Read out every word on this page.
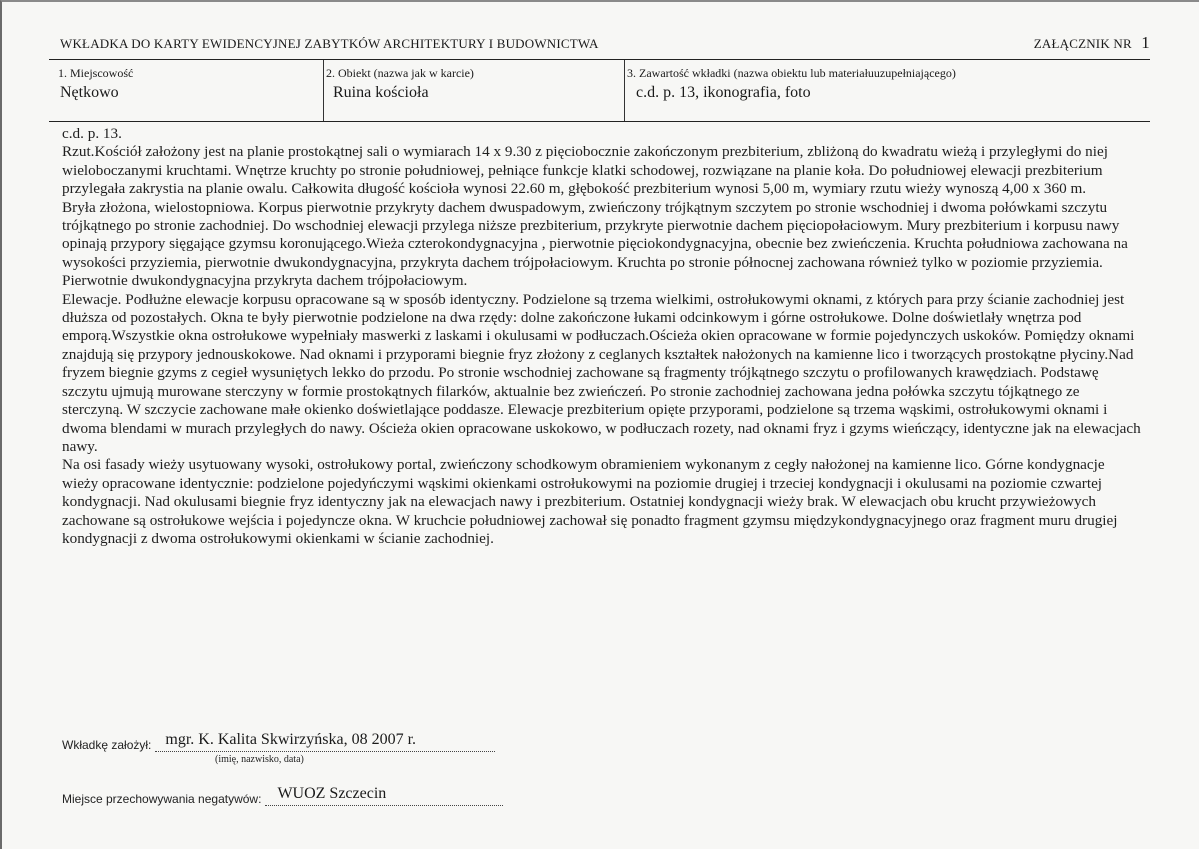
WKŁADKA DO KARTY EWIDENCYJNEJ ZABYTKÓW ARCHITEKTURY I BUDOWNICTWA	ZAŁĄCZNIK NR 1
1. Miejscowość
Nętkowo
2. Obiekt (nazwa jak w karcie)
Ruina kościoła
3. Zawartość wkładki (nazwa obiektu lub materiałuuzupełniającego)
c.d. p. 13, ikonografia, foto

c.d. p. 13.

Rzut.Kościół założony jest na planie prostokątnej sali o wymiarach 14 x 9.30 z pięciobocznie zakończonym prezbiterium, zbliżoną do kwadratu wieżą i przyległymi do niej wieloboczanymi kruchtami. Wnętrze kruchty po stronie południowej, pełniące funkcje klatki schodowej, rozwiązane na planie koła. Do południowej elewacji prezbiterium przylegała zakrystia na planie owalu. Całkowita długość kościoła wynosi 22.60 m, głębokość prezbiterium wynosi 5,00 m, wymiary rzutu wieży wynoszą 4,00 x 360 m.

Bryła złożona, wielostopniowa. Korpus pierwotnie przykryty dachem dwuspadowym, zwieńczony trójkątnym szczytem po stronie wschodniej i dwoma połówkami szczytu trójkątnego po stronie zachodniej. Do wschodniej elewacji przylega niższe prezbiterium, przykryte pierwotnie dachem pięciopołaciowym. Mury prezbiterium i korpusu nawy opinają przypory sięgające gzymsu koronującego.Wieża czterokondygnacyjna , pierwotnie pięciokondygnacyjna, obecnie bez zwieńczenia. Kruchta południowa zachowana na wysokości przyziemia, pierwotnie dwukondygnacyjna, przykryta dachem trójpołaciowym. Kruchta po stronie północnej zachowana również tylko w poziomie przyziemia. Pierwotnie dwukondygnacyjna przykryta dachem trójpołaciowym.

Elewacje. Podłużne elewacje korpusu opracowane są w sposób identyczny. Podzielone są trzema wielkimi, ostrołukowymi oknami, z których para przy ścianie zachodniej jest dłuższa od pozostałych. Okna te były pierwotnie podzielone na dwa rzędy: dolne zakończone łukami odcinkowym i górne ostrołukowe. Dolne doświetlały wnętrza pod emporą.Wszystkie okna ostrołukowe wypełniały maswerki z laskami i okulusami w podłuczach.Ościeża okien opracowane w formie pojedynczych uskoków. Pomiędzy oknami znajdują się przypory jednouskokowe. Nad oknami i przyporami biegnie fryz złożony z ceglanych kształtek nałożonych na kamienne lico i tworzących prostokątne płyciny.Nad fryzem biegnie gzyms z cegieł wysuniętych lekko do przodu. Po stronie wschodniej zachowane są fragmenty trójkątnego szczytu o profilowanych krawędziach. Podstawę szczytu ujmują murowane sterczyny w formie prostokątnych filarków, aktualnie bez zwieńczeń. Po stronie zachodniej zachowana jedna połówka szczytu tójkątnego ze sterczyną. W szczycie zachowane małe okienko doświetlające poddasze. Elewacje prezbiterium opięte przyporami, podzielone są trzema wąskimi, ostrołukowymi oknami i dwoma blendami w murach przyległych do nawy. Ościeża okien opracowane uskokowo, w podłuczach rozety, nad oknami fryz i gzyms wieńczący, identyczne jak na elewacjach nawy.

Na osi fasady wieży usytuowany wysoki, ostrołukowy portal, zwieńczony schodkowym obramieniem wykonanym z cegły nałożonej na kamienne lico. Górne kondygnacje wieży opracowane identycznie: podzielone pojedyńczymi wąskimi okienkami ostrołukowymi na poziomie drugiej i trzeciej kondygnacji i okulusami na poziomie czwartej kondygnacji. Nad okulusami biegnie fryz identyczny jak na elewacjach nawy i prezbiterium. Ostatniej kondygnacji wieży brak. W elewacjach obu krucht przywieżowych zachowane są ostrołukowe wejścia i pojedyncze okna. W kruchcie południowej zachował się ponadto fragment gzymsu międzykondygnacyjnego oraz fragment muru drugiej kondygnacji z dwoma ostrołukowymi okienkami w ścianie zachodniej.

Wkładkę założył: mgr. K. Kalita Skwirzyńska, 08 2007 r.
(imię, nazwisko, data)
Miejsce przechowywania negatywów: WUOZ Szczecin
